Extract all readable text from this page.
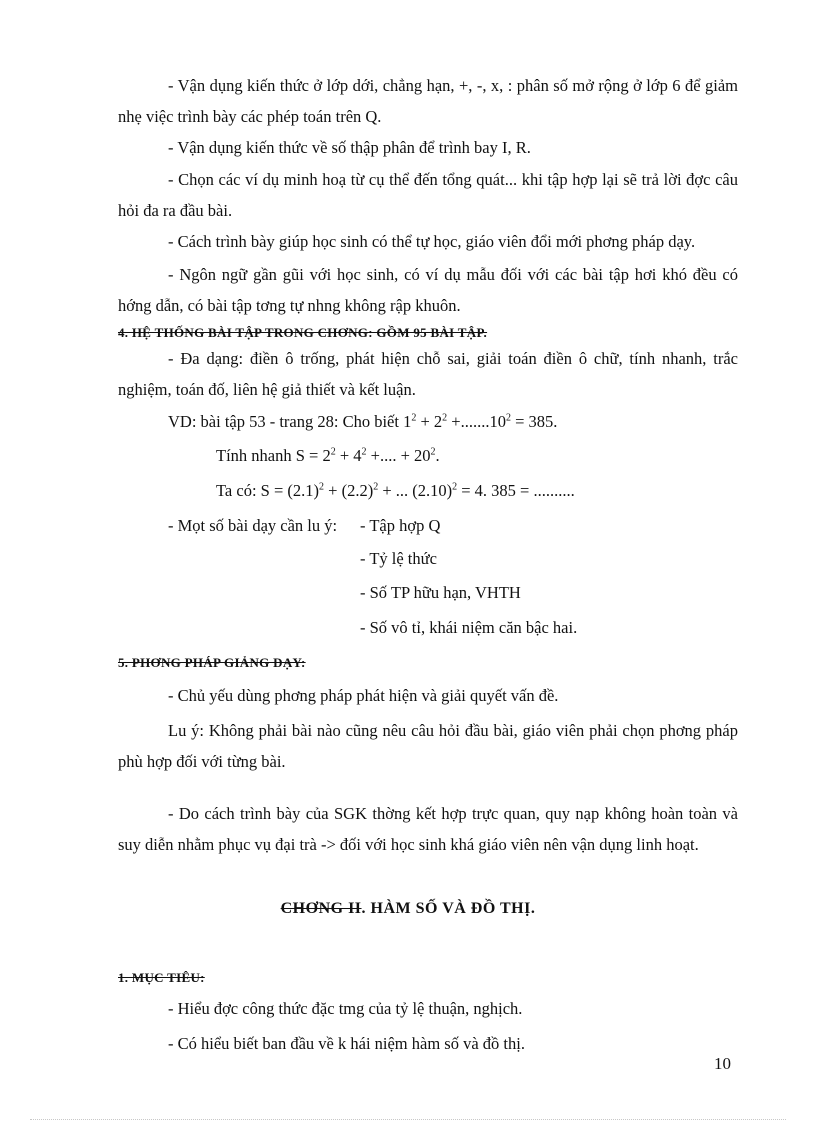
- Vận dụng kiến thức ở lớp dới, chẳng hạn, +, -, x, : phân số mở rộng ở lớp 6 để giảm nhẹ việc trình bày các phép toán trên Q.

- Vận dụng kiến thức về số thập phân để trình bay I, R.

- Chọn các ví dụ minh hoạ từ cụ thể đến tổng quát... khi tập hợp lại sẽ trả lời đợc câu hỏi đa ra đầu bài.

- Cách trình bày giúp học sinh có thể tự học, giáo viên đổi mới phơng pháp dạy.

- Ngôn ngữ gần gũi với học sinh, có ví dụ mẫu đối với các bài tập hơi khó đều có hớng dẫn, có bài tập tơng tự nhng không rập khuôn.

4. HỆ THỐNG BÀI TẬP TRONG CHƠNG: GỒM 95 BÀI TẬP.

- Đa dạng: điền ô trống, phát hiện chỗ sai, giải toán điền ô chữ, tính nhanh, trắc nghiệm, toán đố, liên hệ giả thiết và kết luận.

VD: bài tập 53 - trang 28: Cho biết $1^2 + 2^2 +.......10^2 = 385$.
Tính nhanh $S = 2^2 + 4^2$ +.... + $20^2$.
Ta có: $S = (2.1)^2 + (2.2)^2$ + ... $(2.10)^2 = 4$. 385 = ..........
- Mọt số bài dạy cần lu ý: - Tập hợp Q
- Tỷ lệ thức
- Số TP hữu hạn, VHTH
- Số vô tỉ, khái niệm căn bậc hai.
5. PHƠNG PHÁP GIẢNG DẠY:

- Chủ yếu dùng phơng pháp phát hiện và giải quyết vấn đề.

Lu ý: Không phải bài nào cũng nêu câu hỏi đầu bài, giáo viên phải chọn phơng pháp phù hợp đối với từng bài.

- Do cách trình bày của SGK thờng kết hợp trực quan, quy nạp không hoàn toàn và suy diễn nhằm phục vụ đại trà -> đối với học sinh khá giáo viên nên vận dụng linh hoạt.

CHƠNG II. HÀM SỐ VÀ ĐỒ THỊ.
1. MỤC TIÊU:

- Hiểu đợc công thức đặc tmg của tỷ lệ thuận, nghịch.

- Có hiểu biết ban đầu về k hái niệm hàm số và đồ thị.

10
